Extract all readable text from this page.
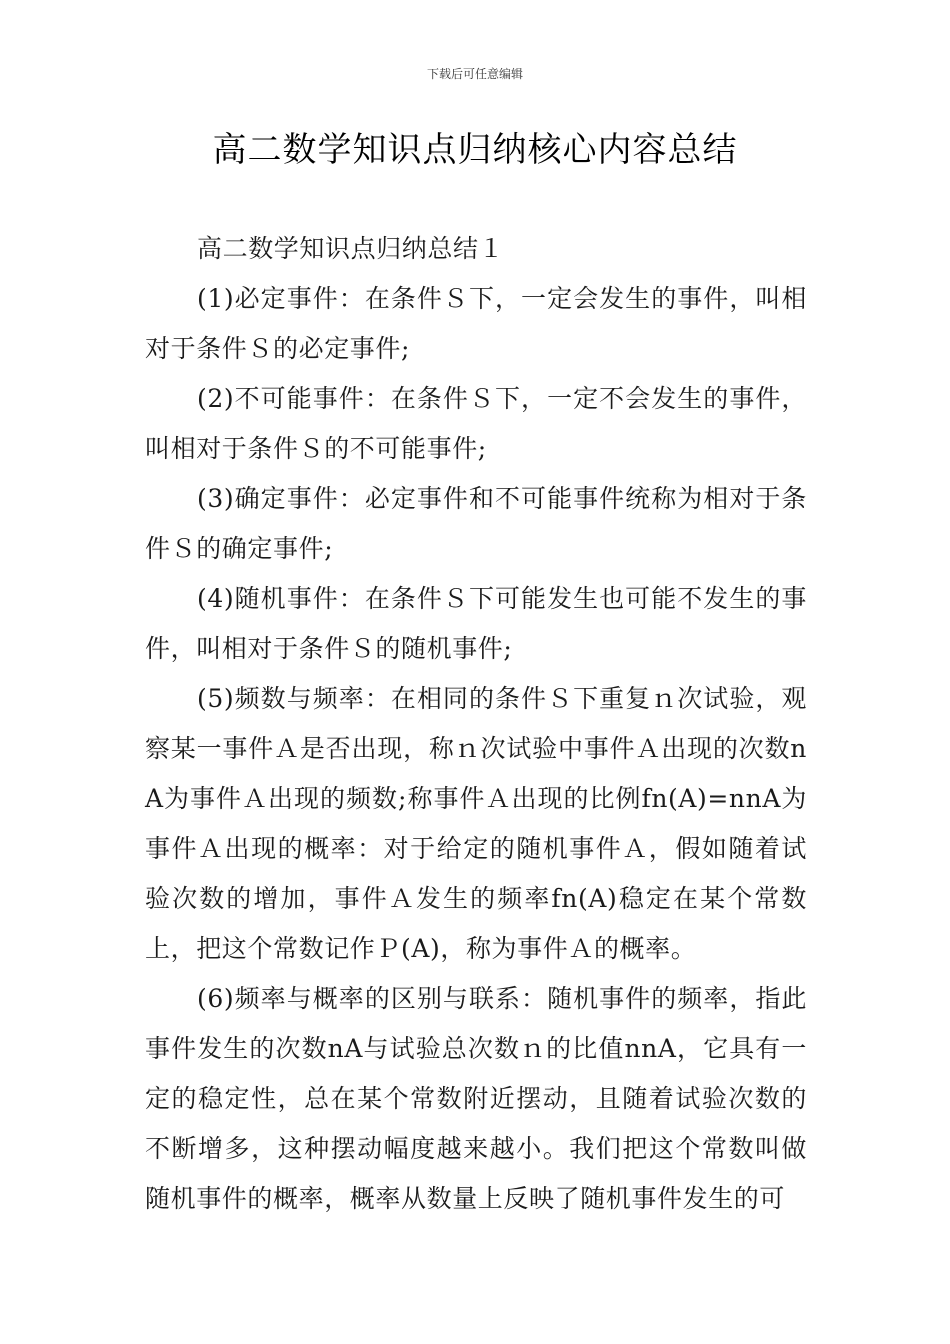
下载后可任意编辑
高二数学知识点归纳核心内容总结

高二数学知识点归纳总结１

(1)必定事件：在条件Ｓ下，一定会发生的事件，叫相对于条件Ｓ的必定事件;

(2)不可能事件：在条件Ｓ下，一定不会发生的事件，叫相对于条件Ｓ的不可能事件;

(3)确定事件：必定事件和不可能事件统称为相对于条件Ｓ的确定事件;

(4)随机事件：在条件Ｓ下可能发生也可能不发生的事件，叫相对于条件Ｓ的随机事件;

(5)频数与频率：在相同的条件Ｓ下重复ｎ次试验，观察某一事件Ａ是否出现，称ｎ次试验中事件Ａ出现的次数nA为事件Ａ出现的频数;称事件Ａ出现的比例fn(A)=nnA为事件Ａ出现的概率：对于给定的随机事件Ａ，假如随着试验次数的增加，事件Ａ发生的频率fn(A)稳定在某个常数上，把这个常数记作Ｐ(A)，称为事件Ａ的概率。

(6)频率与概率的区别与联系：随机事件的频率，指此事件发生的次数nA与试验总次数ｎ的比值nnA，它具有一定的稳定性，总在某个常数附近摆动，且随着试验次数的不断增多，这种摆动幅度越来越小。我们把这个常数叫做随机事件的概率，概率从数量上反映了随机事件发生的可
